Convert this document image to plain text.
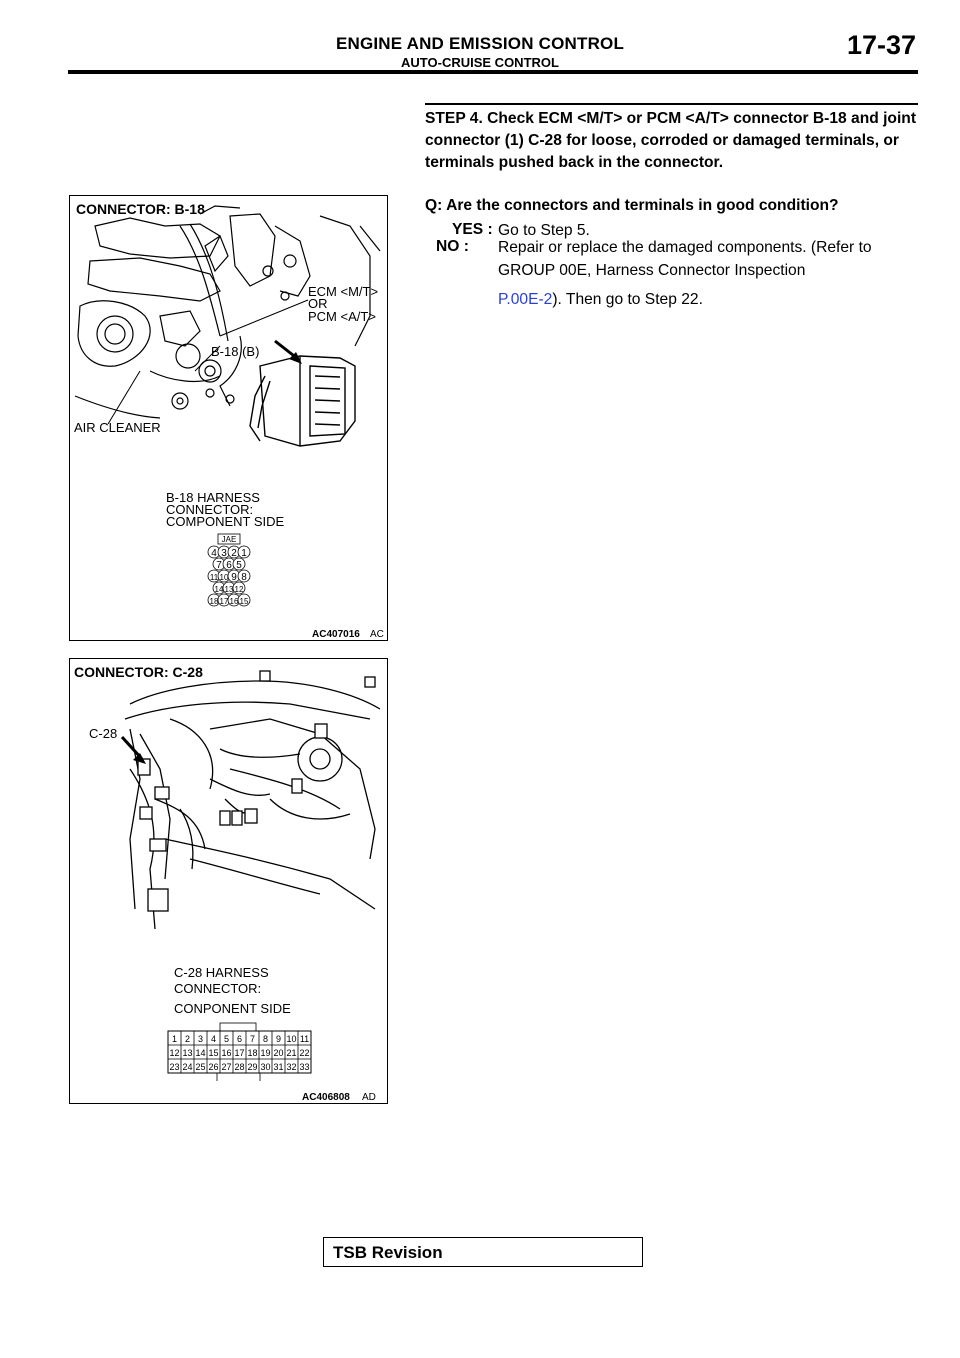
ENGINE AND EMISSION CONTROL
AUTO-CRUISE CONTROL
17-37
CONNECTOR: B-18
ECM <M/T>
OR
PCM <A/T>
B-18 (B)
AIR CLEANER
B-18 HARNESS
CONNECTOR:
COMPONENT SIDE
JAE
4 3 2 1
7 6 5
11 10 9 8
14 13 12
18 17 16 15
AC407016 AC
CONNECTOR: C-28
C-28
C-28 HARNESS
CONNECTOR:
CONPONENT SIDE
1 2 3 4 5 6 7 8 9 10 11
12 13 14 15 16 17 18 19 20 21 22
23 24 25 26 27 28 29 30 31 32 33
AC406808 AD
STEP 4. Check ECM <M/T> or PCM <A/T> connector B-18 and joint connector (1) C-28 for loose, corroded or damaged terminals, or terminals pushed back in the connector.
Q: Are the connectors and terminals in good condition?
YES : Go to Step 5.
NO : Repair or replace the damaged components. (Refer to GROUP 00E, Harness Connector Inspection
P.00E-2). Then go to Step 22.
TSB Revision
